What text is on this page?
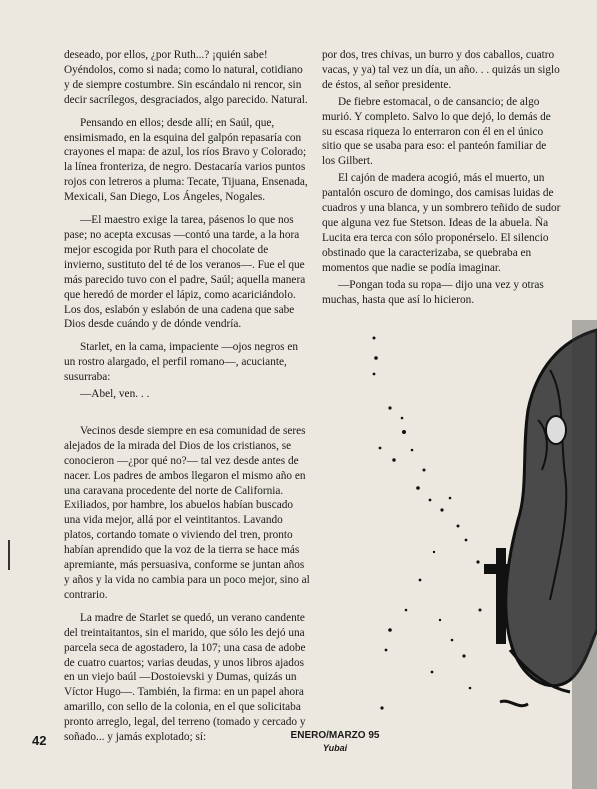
deseado, por ellos, ¿por Ruth...? ¡quién sabe! Oyéndolos, como si nada; como lo natural, cotidiano y de siempre costumbre. Sin escándalo ni rencor, sin decir sacrílegos, desgraciados, algo parecido. Natural.

Pensando en ellos; desde allí; en Saúl, que, ensimismado, en la esquina del galpón repasaría con crayones el mapa: de azul, los ríos Bravo y Colorado; la línea fronteriza, de negro. Destacaría varios puntos rojos con letreros a pluma: Tecate, Tijuana, Ensenada, Mexicali, San Diego, Los Ángeles, Nogales.

—El maestro exige la tarea, pásenos lo que nos pase; no acepta excusas —contó una tarde, a la hora mejor escogida por Ruth para el chocolate de invierno, sustituto del té de los veranos—. Fue el que más parecido tuvo con el padre, Saúl; aquella manera que heredó de morder el lápiz, como acariciándolo. Los dos, eslabón y eslabón de una cadena que sabe Dios desde cuándo y de dónde vendría.

Starlet, en la cama, impaciente —ojos negros en un rostro alargado, el perfil romano—, acuciante, susurraba:

—Abel, ven. . .

Vecinos desde siempre en esa comunidad de seres alejados de la mirada del Dios de los cristianos, se conocieron —¿por qué no?— tal vez desde antes de nacer. Los padres de ambos llegaron el mismo año en una caravana procedente del norte de California. Exiliados, por hambre, los abuelos habían buscado una vida mejor, allá por el veintitantos. Lavando platos, cortando tomate o viviendo del tren, pronto habían aprendido que la voz de la tierra se hace más apremiante, más persuasiva, conforme se juntan años y años y la vida no cambia para un poco mejor, sino al contrario.

La madre de Starlet se quedó, un verano candente del treintaitantos, sin el marido, que sólo les dejó una parcela seca de agostadero, la 107; una casa de adobe de cuatro cuartos; varias deudas, y unos libros ajados en un viejo baúl —Dostoievski y Dumas, quizás un Víctor Hugo—. También, la firma: en un papel ahora amarillo, con sello de la colonia, en el que solicitaba pronto arreglo, legal, del terreno (tomado y cercado y soñado... y jamás explotado; sí:

por dos, tres chivas, un burro y dos caballos, cuatro vacas, y ya) tal vez un día, un año. . . quizás un siglo de éstos, al señor presidente.

De fiebre estomacal, o de cansancio; de algo murió. Y completo. Salvo lo que dejó, lo demás de su escasa riqueza lo enterraron con él en el único sitio que se usaba para eso: el panteón familiar de los Gilbert.

El cajón de madera acogió, más el muerto, un pantalón oscuro de domingo, dos camisas luidas de cuadros y una blanca, y un sombrero teñido de sudor que alguna vez fue Stetson. Ideas de la abuela. Ña Lucita era terca con sólo proponérselo. El silencio obstinado que la caracterizaba, se quebraba en momentos que nadie se podía imaginar.

—Pongan toda su ropa— dijo una vez y otras muchas, hasta que así lo hicieron.

42	ENERO/MARZO 95
Yubai
